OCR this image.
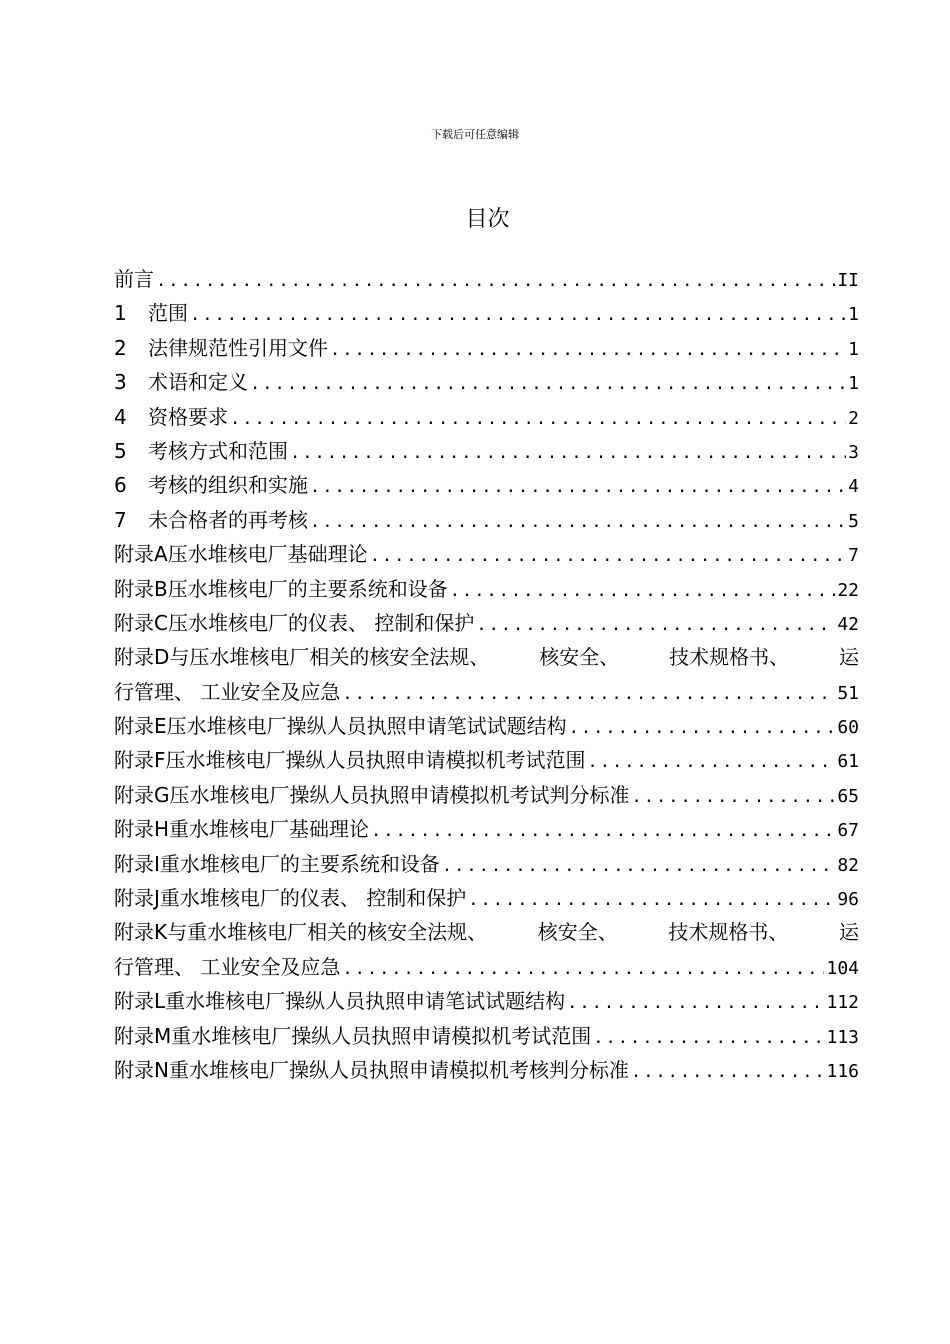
下载后可任意编辑
目次
前言 .....	II
1	范围 .....	1
2	法律规范性引用文件 .....	1
3	术语和定义 .....	1
4	资格要求 .....	2
5	考核方式和范围 .....	3
6	考核的组织和实施 .....	4
7	未合格者的再考核 .....	5
附录A压水堆核电厂基础理论 .....	7
附录B压水堆核电厂的主要系统和设备 .....	22
附录C压水堆核电厂的仪表、 控制和保护 .....	42
附录D与压水堆核电厂相关的核安全法规、 核安全、 技术规格书、 运
行管理、 工业安全及应急 .....	51
附录E压水堆核电厂操纵人员执照申请笔试试题结构 .....	60
附录F压水堆核电厂操纵人员执照申请模拟机考试范围 .....	61
附录G压水堆核电厂操纵人员执照申请模拟机考试判分标准 .....	65
附录H重水堆核电厂基础理论 .....	67
附录I重水堆核电厂的主要系统和设备 .....	82
附录J重水堆核电厂的仪表、 控制和保护 .....	96
附录K与重水堆核电厂相关的核安全法规、	核安全、	技术规格书、	运
行管理、 工业安全及应急 .....	104
附录L重水堆核电厂操纵人员执照申请笔试试题结构 .....	112
附录M重水堆核电厂操纵人员执照申请模拟机考试范围 .....	113
附录N重水堆核电厂操纵人员执照申请模拟机考核判分标准 .....	116
